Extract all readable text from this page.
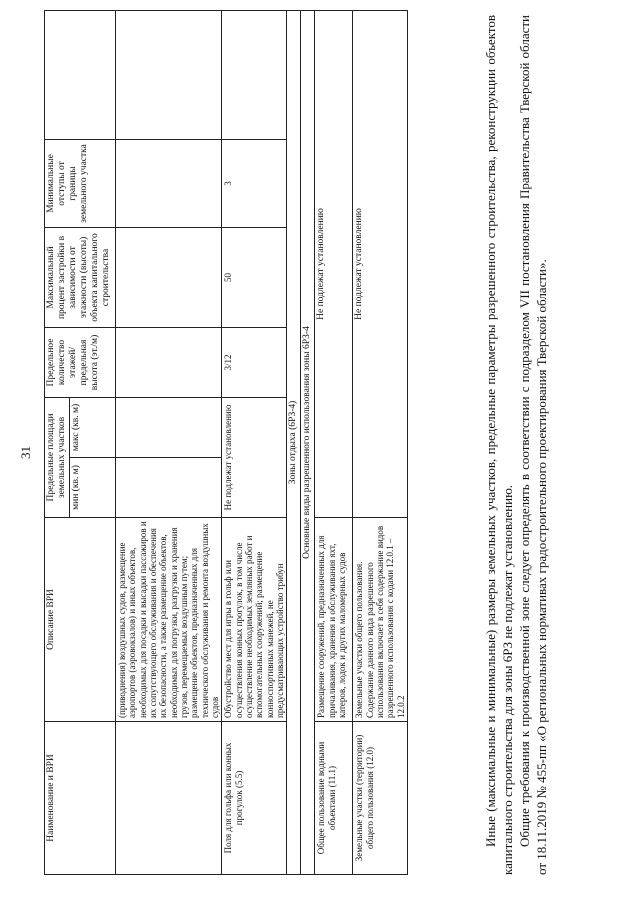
31
Наименование и ВРИ	Описание ВРИ	Предельные площади земельных участков		Предельное количество этажей/ предельная высота (эт./м)	Максимальный процент застройки в зависимости от этажности (высоты) объекта капитального строительства	Минимальные отступы от границы земельного участка	
		мин (кв. м)	макс (кв. м)				
	(приводнения) воздушных судов, размещение аэропортов (аэровокзалов) и иных объектов, необходимых для посадки и высадки пассажиров и их сопутствующего обслуживания и обеспечения их безопасности, а также размещение объектов, необходимых для погрузки, разгрузки и хранения грузов, перемещаемых воздушным путем; размещение объектов, предназначенных для технического обслуживания и ремонта воздушных судов						
Поля для гольфа или конных прогулок (5.5)	Обустройство мест для игры в гольф или осуществления конных прогулок, в том числе осуществление необходимых земляных работ и вспомогательных сооружений; размещение конноспортивных манежей, не предусматривающих устройство трибун	Не подлежат установлению		3/12	50	3	
Зоны отдыха (6РЗ-4)							
Основные виды разрешенного использования зоны 6РЗ-4							
Общее пользование водными объектами (11.1)	Размещение сооружений, предназначенных для причаливания, хранения и обслуживания яхт, катеров, лодок и других маломерных судов	Не подлежат установлению					
Земельные участки (территории) общего пользования (12.0)	Земельные участки общего пользования. Содержание данного вида разрешенного использования включает в себя содержание видов разрешенного использования с кодами 12.0.1 – 12.0.2	Не подлежат установлению						Иные (максимальные и минимальные) размеры земельных участков, предельные параметры разрешенного строительства, реконструкции объектов капитального строительства для зоны 6РЗ не подлежат установлению. Общие требования к производственной зоне следует определять в соответствии с подразделом VII постановления Правительства Тверской области от 18.11.2019 № 455-пп «О региональных нормативах градостроительного проектирования Тверской области».
